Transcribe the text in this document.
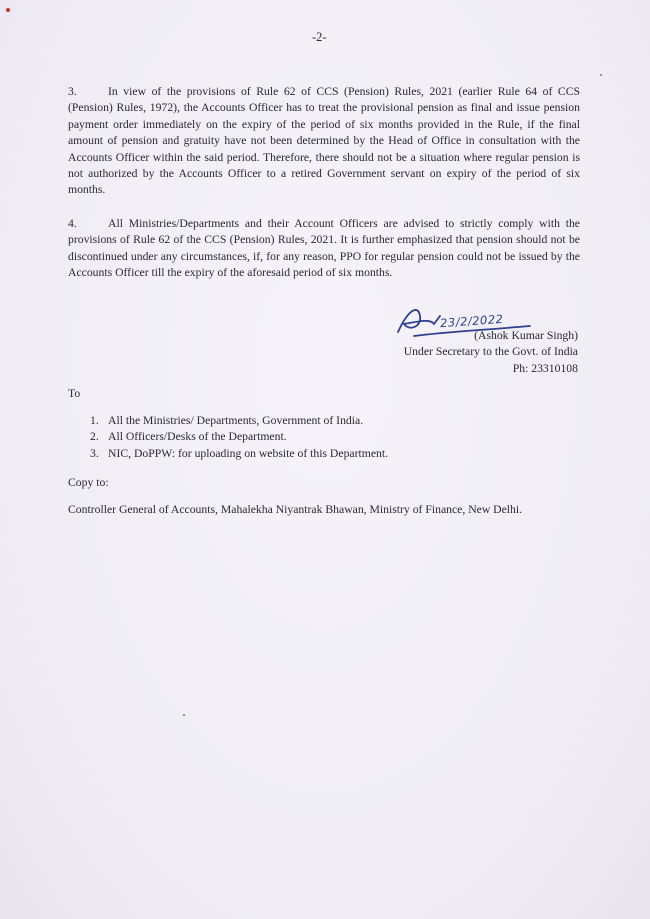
-2-

3.	In view of the provisions of Rule 62 of CCS (Pension) Rules, 2021 (earlier Rule 64 of CCS (Pension) Rules, 1972), the Accounts Officer has to treat the provisional pension as final and issue pension payment order immediately on the expiry of the period of six months provided in the Rule, if the final amount of pension and gratuity have not been determined by the Head of Office in consultation with the Accounts Officer within the said period. Therefore, there should not be a situation where regular pension is not authorized by the Accounts Officer to a retired Government servant on expiry of the period of six months.

4.	All Ministries/Departments and their Account Officers are advised to strictly comply with the provisions of Rule 62 of the CCS (Pension) Rules, 2021. It is further emphasized that pension should not be discontinued under any circumstances, if, for any reason, PPO for regular pension could not be issued by the Accounts Officer till the expiry of the aforesaid period of six months.

23/2/2022
(Ashok Kumar Singh)
Under Secretary to the Govt. of India
Ph: 23310108
To
1. All the Ministries/ Departments, Government of India.
2. All Officers/Desks of the Department.
3. NIC, DoPPW: for uploading on website of this Department.
Copy to:
Controller General of Accounts, Mahalekha Niyantrak Bhawan, Ministry of Finance, New Delhi.
